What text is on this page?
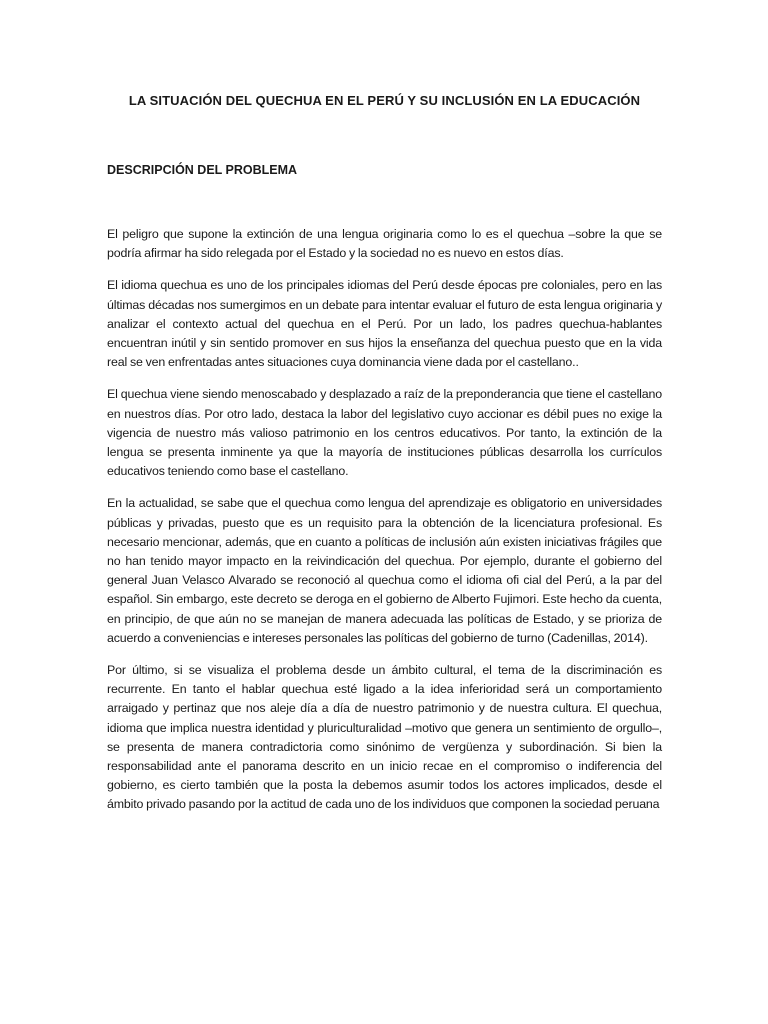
LA SITUACIÓN DEL QUECHUA EN EL PERÚ Y SU INCLUSIÓN EN LA EDUCACIÓN
DESCRIPCIÓN DEL PROBLEMA

El peligro que supone la extinción de una lengua originaria como lo es el quechua –sobre la que se podría afirmar ha sido relegada por el Estado y la sociedad no es nuevo en estos días.

El idioma quechua es uno de los principales idiomas del Perú desde épocas pre coloniales, pero en las últimas décadas nos sumergimos en un debate para intentar evaluar el futuro de esta lengua originaria y analizar el contexto actual del quechua en el Perú. Por un lado, los padres quechua-hablantes encuentran inútil y sin sentido promover en sus hijos la enseñanza del quechua puesto que en la vida real se ven enfrentadas antes situaciones cuya dominancia viene dada por el castellano..

El quechua viene siendo menoscabado y desplazado a raíz de la preponderancia que tiene el castellano en nuestros días. Por otro lado, destaca la labor del legislativo cuyo accionar es débil pues no exige la vigencia de nuestro más valioso patrimonio en los centros educativos. Por tanto, la extinción de la lengua se presenta inminente ya que la mayoría de instituciones públicas desarrolla los currículos educativos teniendo como base el castellano.

En la actualidad, se sabe que el quechua como lengua del aprendizaje es obligatorio en universidades públicas y privadas, puesto que es un requisito para la obtención de la licenciatura profesional. Es necesario mencionar, además, que en cuanto a políticas de inclusión aún existen iniciativas frágiles que no han tenido mayor impacto en la reivindicación del quechua. Por ejemplo, durante el gobierno del general Juan Velasco Alvarado se reconoció al quechua como el idioma ofi cial del Perú, a la par del español. Sin embargo, este decreto se deroga en el gobierno de Alberto Fujimori. Este hecho da cuenta, en principio, de que aún no se manejan de manera adecuada las políticas de Estado, y se prioriza de acuerdo a conveniencias e intereses personales las políticas del gobierno de turno (Cadenillas, 2014).

Por último, si se visualiza el problema desde un ámbito cultural, el tema de la discriminación es recurrente. En tanto el hablar quechua esté ligado a la idea inferioridad será un comportamiento arraigado y pertinaz que nos aleje día a día de nuestro patrimonio y de nuestra cultura. El quechua, idioma que implica nuestra identidad y pluriculturalidad –motivo que genera un sentimiento de orgullo–, se presenta de manera contradictoria como sinónimo de vergüenza y subordinación. Si bien la responsabilidad ante el panorama descrito en un inicio recae en el compromiso o indiferencia del gobierno, es cierto también que la posta la debemos asumir todos los actores implicados, desde el ámbito privado pasando por la actitud de cada uno de los individuos que componen la sociedad peruana
